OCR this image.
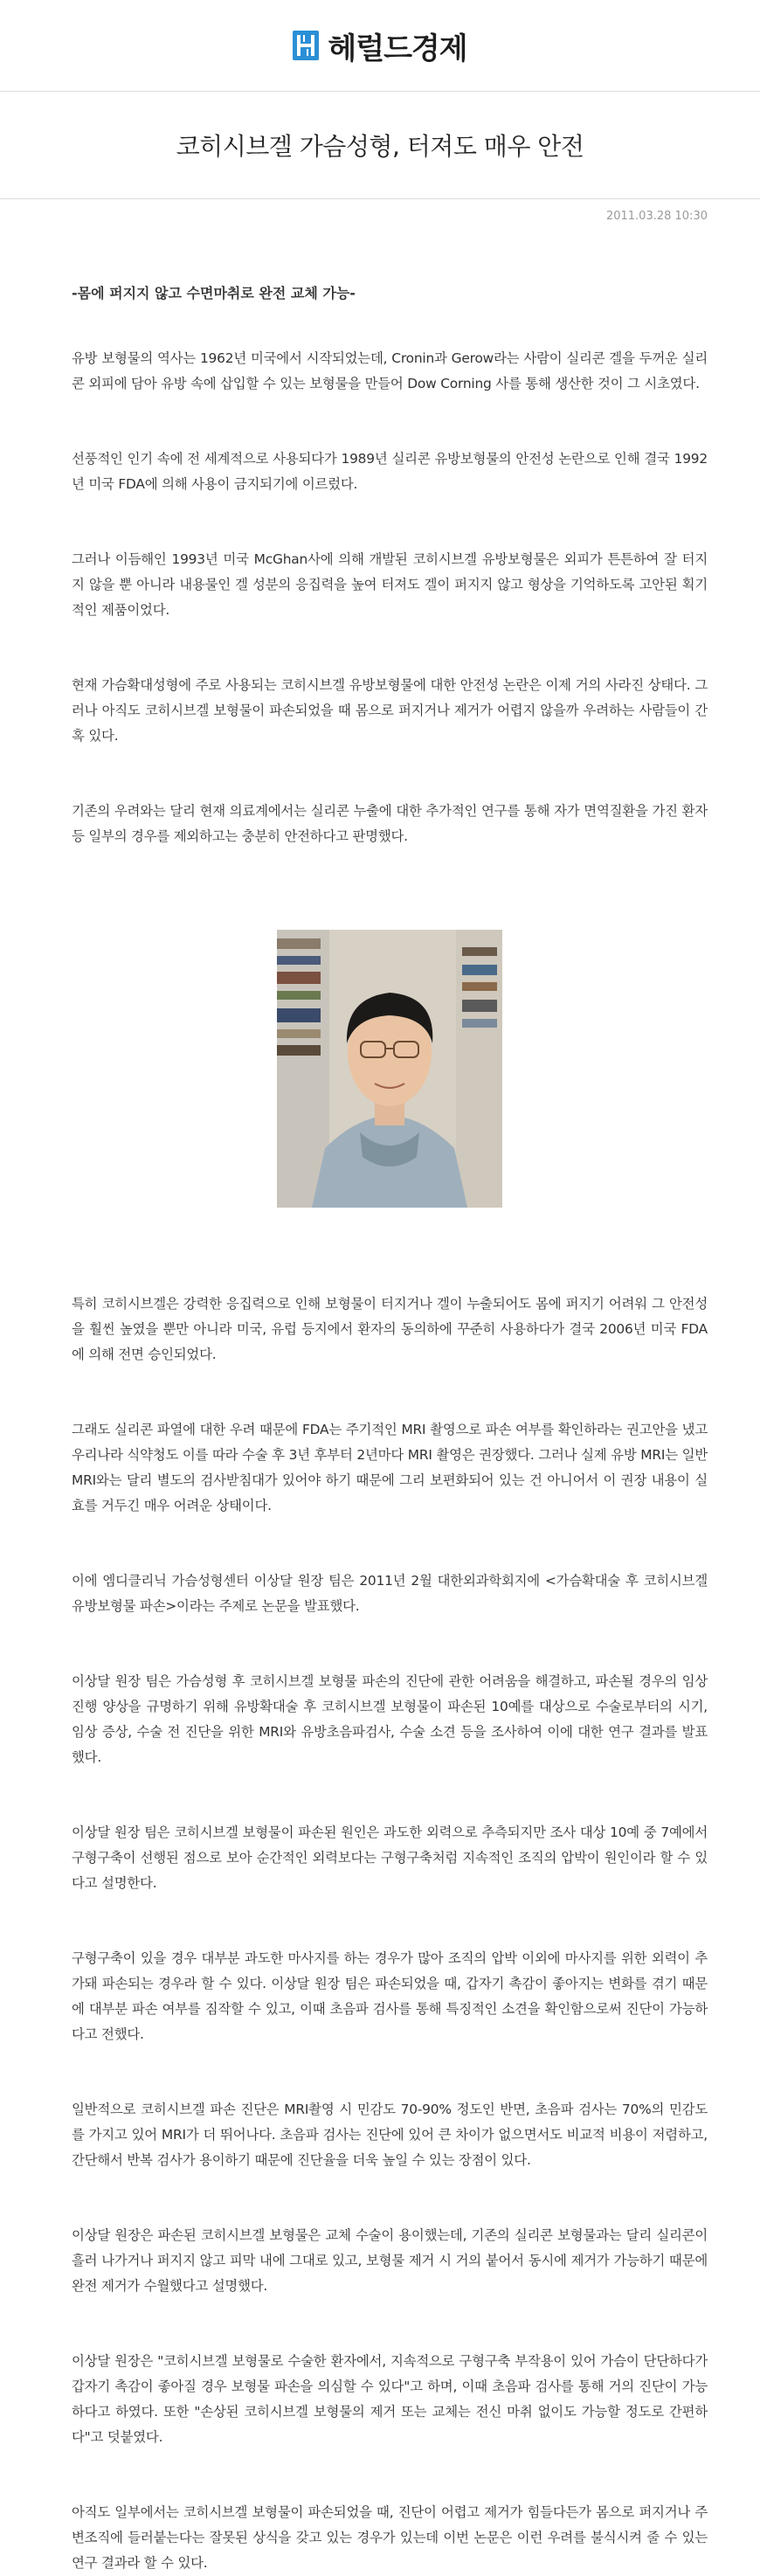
헤럴드경제
코히시브겔 가슴성형, 터져도 매우 안전
2011.03.28 10:30
-몸에 퍼지지 않고 수면마취로 완전 교체 가능-

유방 보형물의 역사는 1962년 미국에서 시작되었는데, Cronin과 Gerow라는 사람이 실리콘 겔을 두꺼운 실리콘 외피에 담아 유방 속에 삽입할 수 있는 보형물을 만들어 Dow Corning 사를 통해 생산한 것이 그 시초였다.

선풍적인 인기 속에 전 세계적으로 사용되다가 1989년 실리콘 유방보형물의 안전성 논란으로 인해 결국 1992년 미국 FDA에 의해 사용이 금지되기에 이르렀다.

그러나 이듬해인 1993년 미국 McGhan사에 의해 개발된 코히시브겔 유방보형물은 외피가 튼튼하여 잘 터지지 않을 뿐 아니라 내용물인 겔 성분의 응집력을 높여 터져도 겔이 퍼지지 않고 형상을 기억하도록 고안된 획기적인 제품이었다.

현재 가슴확대성형에 주로 사용되는 코히시브겔 유방보형물에 대한 안전성 논란은 이제 거의 사라진 상태다. 그러나 아직도 코히시브겔 보형물이 파손되었을 때 몸으로 퍼지거나 제거가 어렵지 않을까 우려하는 사람들이 간혹 있다.

기존의 우려와는 달리 현재 의료계에서는 실리콘 누출에 대한 추가적인 연구를 통해 자가 면역질환을 가진 환자 등 일부의 경우를 제외하고는 충분히 안전하다고 판명했다.

특히 코히시브겔은 강력한 응집력으로 인해 보형물이 터지거나 겔이 누출되어도 몸에 퍼지기 어려워 그 안전성을 훨씬 높였을 뿐만 아니라 미국, 유럽 등지에서 환자의 동의하에 꾸준히 사용하다가 결국 2006년 미국 FDA에 의해 전면 승인되었다.

그래도 실리콘 파열에 대한 우려 때문에 FDA는 주기적인 MRI 촬영으로 파손 여부를 확인하라는 권고안을 냈고 우리나라 식약청도 이를 따라 수술 후 3년 후부터 2년마다 MRI 촬영은 권장했다. 그러나 실제 유방 MRI는 일반 MRI와는 달리 별도의 검사받침대가 있어야 하기 때문에 그리 보편화되어 있는 건 아니어서 이 권장 내용이 실효를 거두긴 매우 어려운 상태이다.

이에 엠디클리닉 가슴성형센터 이상달 원장 팀은 2011년 2월 대한외과학회지에 <가슴확대술 후 코히시브겔 유방보형물 파손>이라는 주제로 논문을 발표했다.

이상달 원장 팀은 가슴성형 후 코히시브겔 보형물 파손의 진단에 관한 어려움을 해결하고, 파손될 경우의 임상 진행 양상을 규명하기 위해 유방확대술 후 코히시브겔 보형물이 파손된 10예를 대상으로 수술로부터의 시기, 임상 증상, 수술 전 진단을 위한 MRI와 유방초음파검사, 수술 소견 등을 조사하여 이에 대한 연구 결과를 발표했다.

이상달 원장 팀은 코히시브겔 보형물이 파손된 원인은 과도한 외력으로 추측되지만 조사 대상 10예 중 7예에서 구형구축이 선행된 점으로 보아 순간적인 외력보다는 구형구축처럼 지속적인 조직의 압박이 원인이라 할 수 있다고 설명한다.

구형구축이 있을 경우 대부분 과도한 마사지를 하는 경우가 많아 조직의 압박 이외에 마사지를 위한 외력이 추가돼 파손되는 경우라 할 수 있다. 이상달 원장 팀은 파손되었을 때, 갑자기 촉감이 좋아지는 변화를 겪기 때문에 대부분 파손 여부를 짐작할 수 있고, 이때 초음파 검사를 통해 특징적인 소견을 확인함으로써 진단이 가능하다고 전했다.

일반적으로 코히시브겔 파손 진단은 MRI촬영 시 민감도 70-90% 정도인 반면, 초음파 검사는 70%의 민감도를 가지고 있어 MRI가 더 뛰어나다. 초음파 검사는 진단에 있어 큰 차이가 없으면서도 비교적 비용이 저렴하고, 간단해서 반복 검사가 용이하기 때문에 진단율을 더욱 높일 수 있는 장점이 있다.

이상달 원장은 파손된 코히시브겔 보형물은 교체 수술이 용이했는데, 기존의 실리콘 보형물과는 달리 실리콘이 흘러 나가거나 퍼지지 않고 피막 내에 그대로 있고, 보형물 제거 시 거의 붙어서 동시에 제거가 가능하기 때문에 완전 제거가 수월했다고 설명했다.

이상달 원장은 "코히시브겔 보형물로 수술한 환자에서, 지속적으로 구형구축 부작용이 있어 가슴이 단단하다가 갑자기 촉감이 좋아질 경우 보형물 파손을 의심할 수 있다"고 하며, 이때 초음파 검사를 통해 거의 진단이 가능하다고 하였다. 또한 "손상된 코히시브겔 보형물의 제거 또는 교체는 전신 마취 없이도 가능할 정도로 간편하다"고 덧붙였다.

아직도 일부에서는 코히시브겔 보형물이 파손되었을 때, 진단이 어렵고 제거가 힘들다든가 몸으로 퍼지거나 주변조직에 들러붙는다는 잘못된 상식을 갖고 있는 경우가 있는데 이번 논문은 이런 우려를 불식시켜 줄 수 있는 연구 결과라 할 수 있다.
